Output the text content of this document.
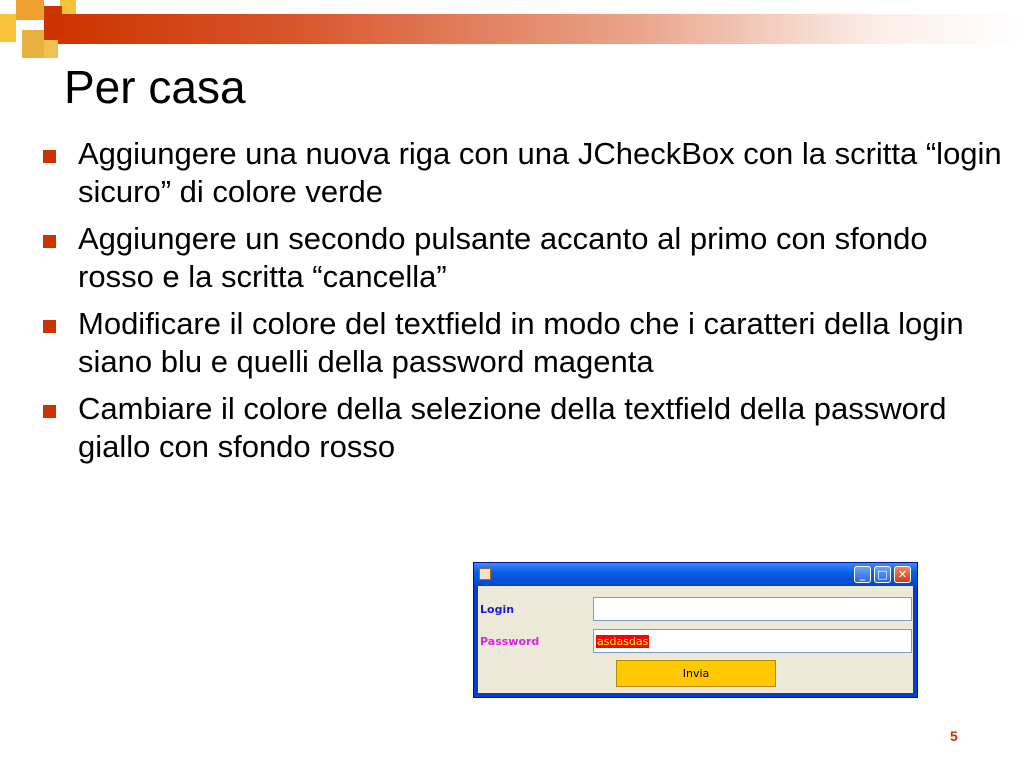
Per casa
Aggiungere una nuova riga con una JCheckBox con la scritta “login sicuro” di colore verde
Aggiungere un secondo pulsante accanto al primo con sfondo rosso e la scritta “cancella”
Modificare il colore del textfield in modo che i caratteri della login siano blu e quelli della password magenta
Cambiare il colore della selezione della textfield della password giallo con sfondo rosso
_	□ ✕
Login
Password	asdasdas
Invia
5
